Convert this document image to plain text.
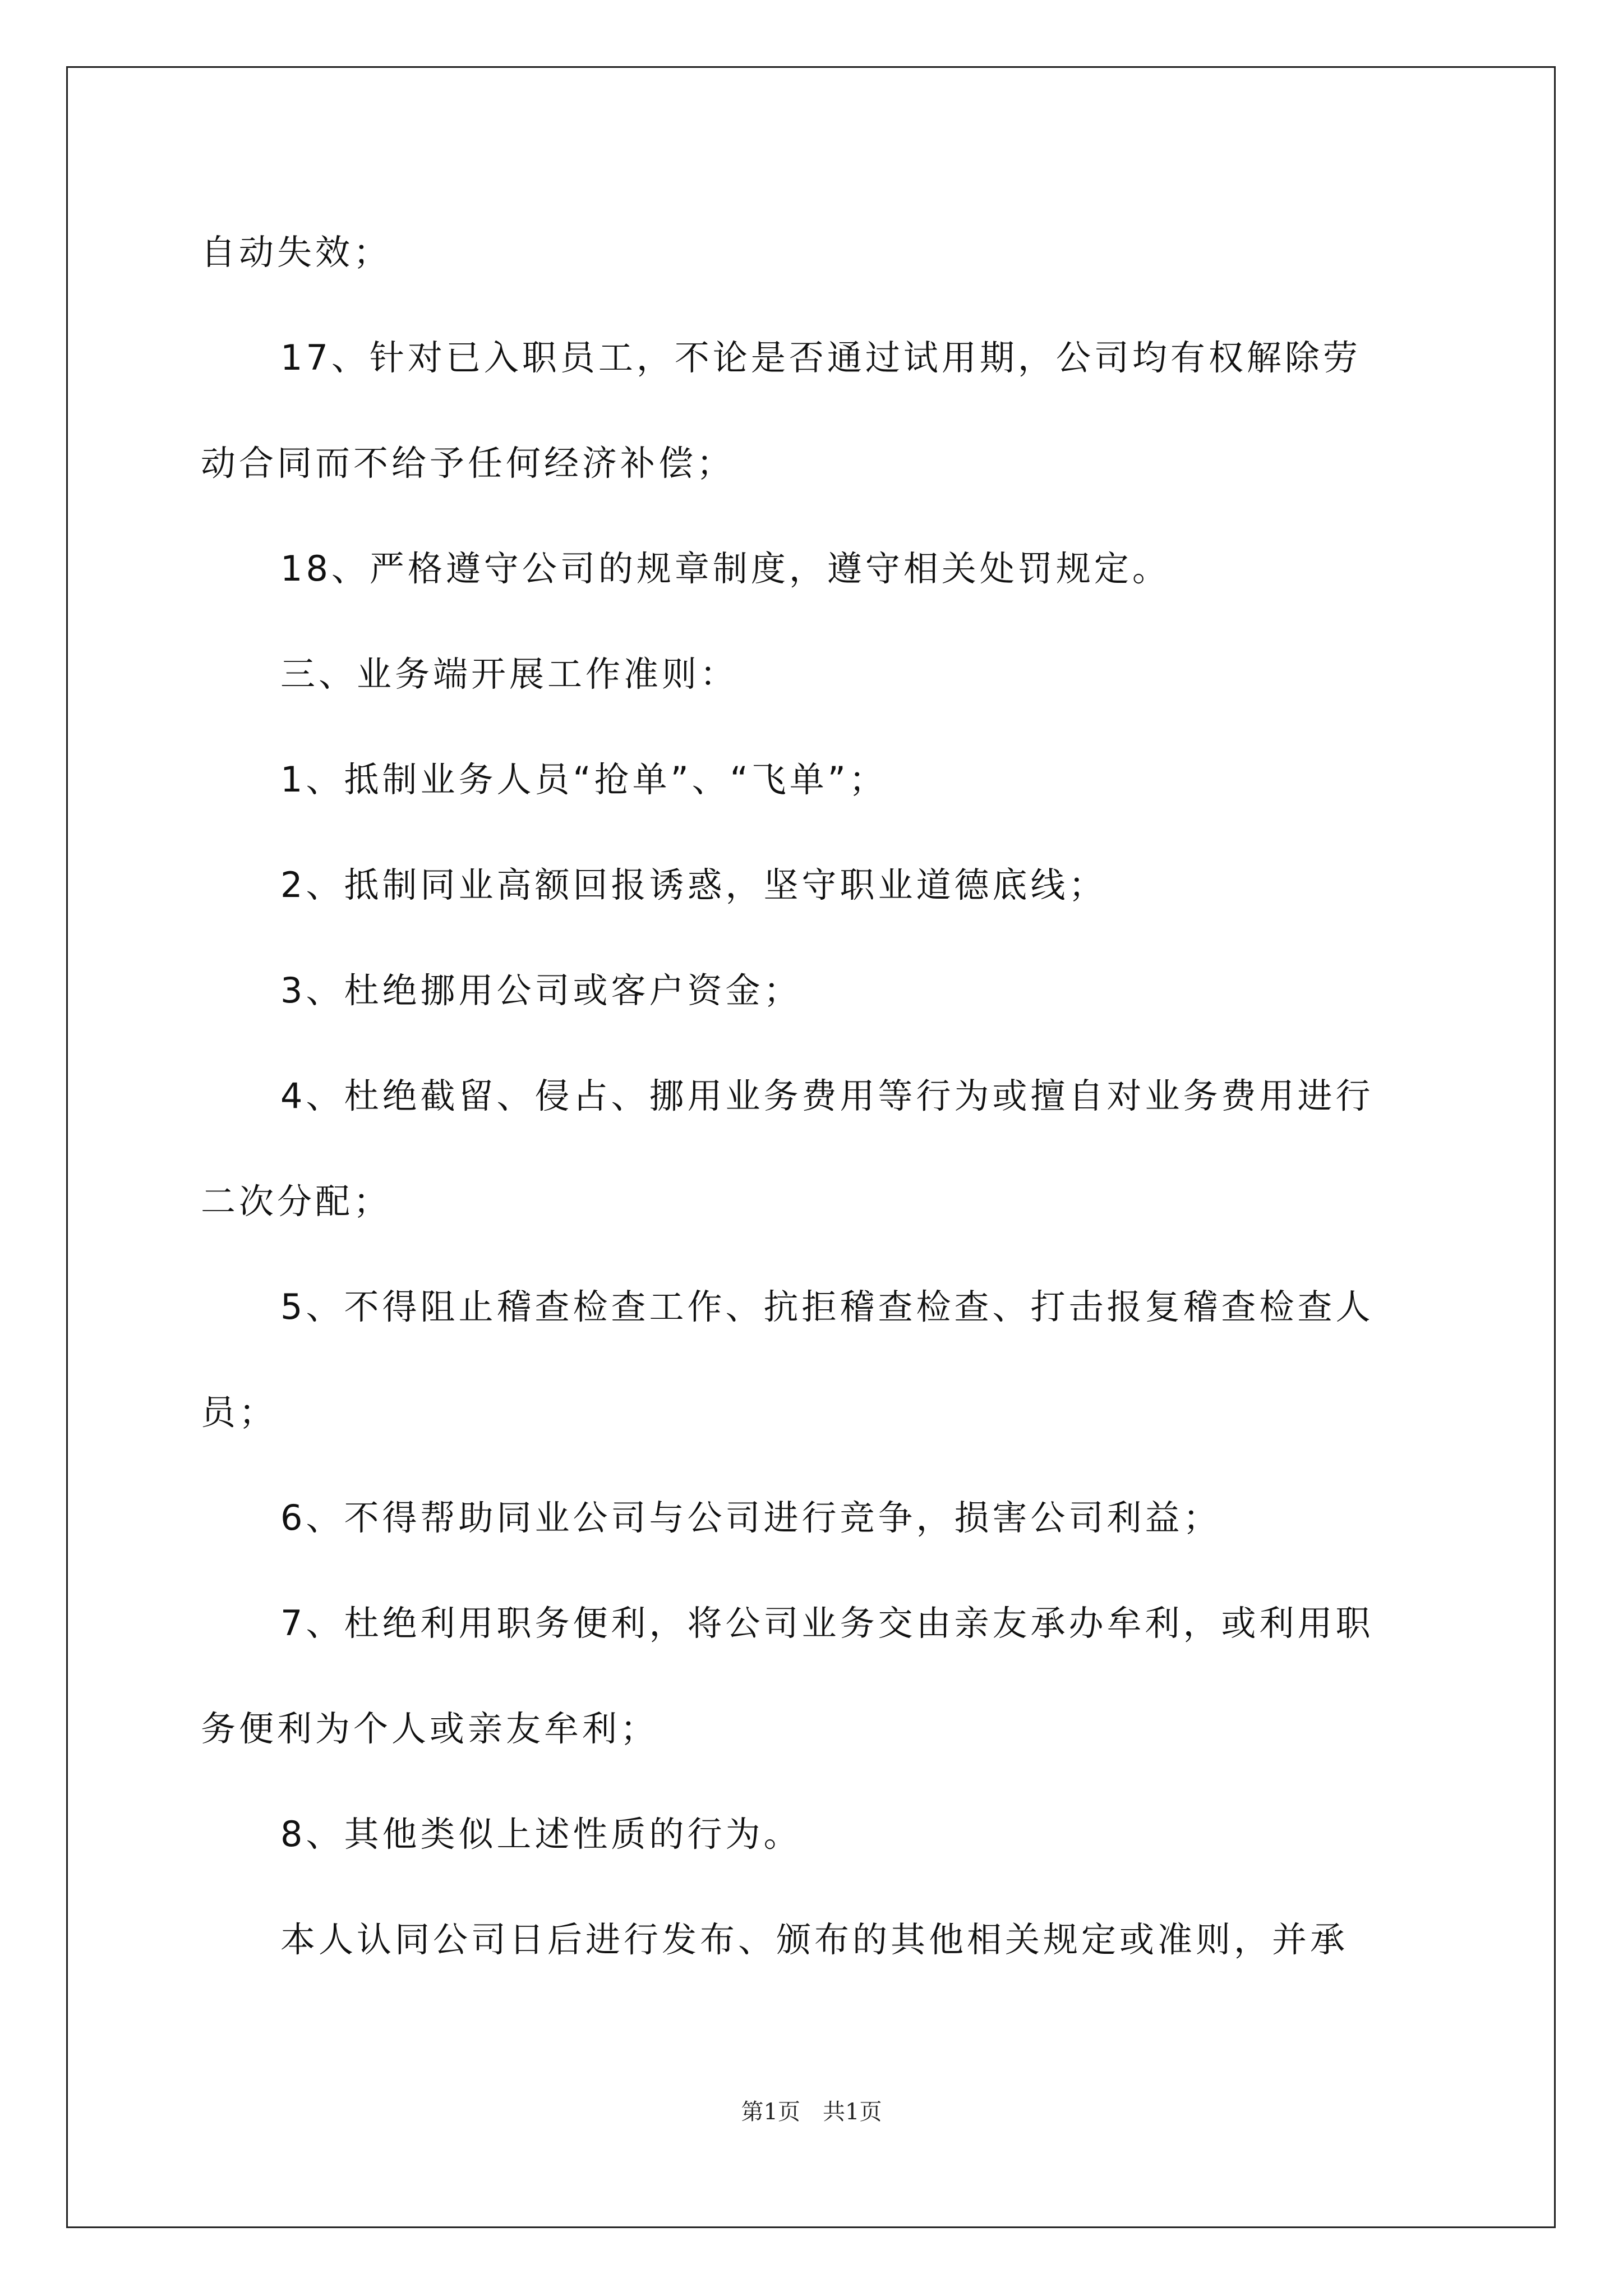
自动失效；
17、针对已入职员工，不论是否通过试用期，公司均有权解除劳
动合同而不给予任何经济补偿；
18、严格遵守公司的规章制度，遵守相关处罚规定。
三、业务端开展工作准则：
1、抵制业务人员“抢单”、“飞单”；
2、抵制同业高额回报诱惑，坚守职业道德底线；
3、杜绝挪用公司或客户资金；
4、杜绝截留、侵占、挪用业务费用等行为或擅自对业务费用进行
二次分配；
5、不得阻止稽查检查工作、抗拒稽查检查、打击报复稽查检查人
员；
6、不得帮助同业公司与公司进行竞争，损害公司利益；
7、杜绝利用职务便利，将公司业务交由亲友承办牟利，或利用职
务便利为个人或亲友牟利；
8、其他类似上述性质的行为。
本人认同公司日后进行发布、颁布的其他相关规定或准则，并承
第1页　共1页
